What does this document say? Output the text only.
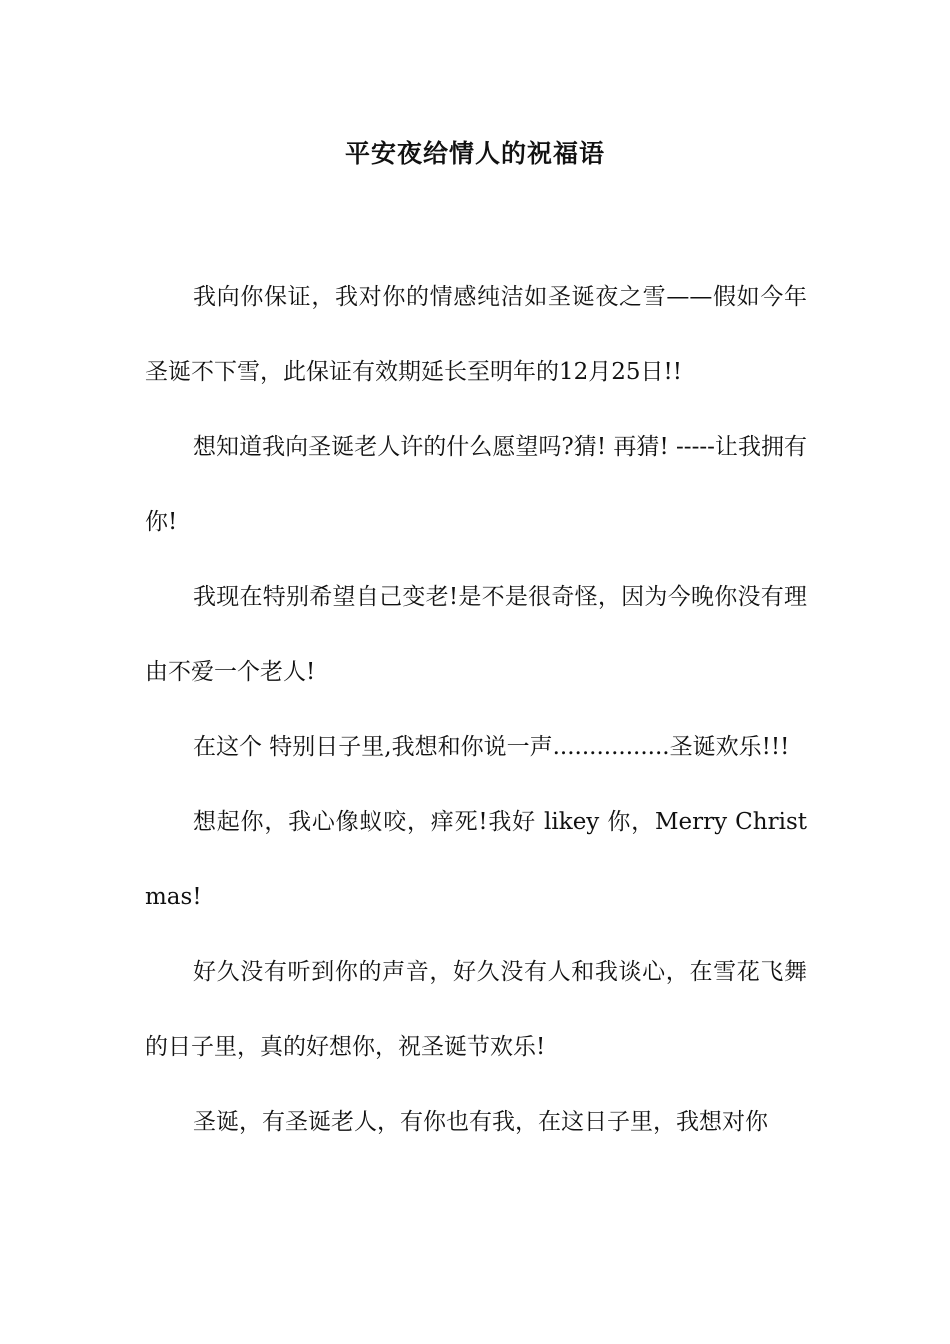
平安夜给情人的祝福语

我向你保证，我对你的情感纯洁如圣诞夜之雪——假如今年圣诞不下雪，此保证有效期延长至明年的12月25日!!

想知道我向圣诞老人许的什么愿望吗?猜! 再猜! -----让我拥有你!

我现在特别希望自己变老!是不是很奇怪，因为今晚你没有理由不爱一个老人!

在这个 特别日子里,我想和你说一声................圣诞欢乐!!!

想起你，我心像蚁咬，痒死!我好 likey 你，Merry Christmas!

好久没有听到你的声音，好久没有人和我谈心，在雪花飞舞的日子里，真的好想你，祝圣诞节欢乐!

圣诞，有圣诞老人，有你也有我，在这日子里，我想对你
